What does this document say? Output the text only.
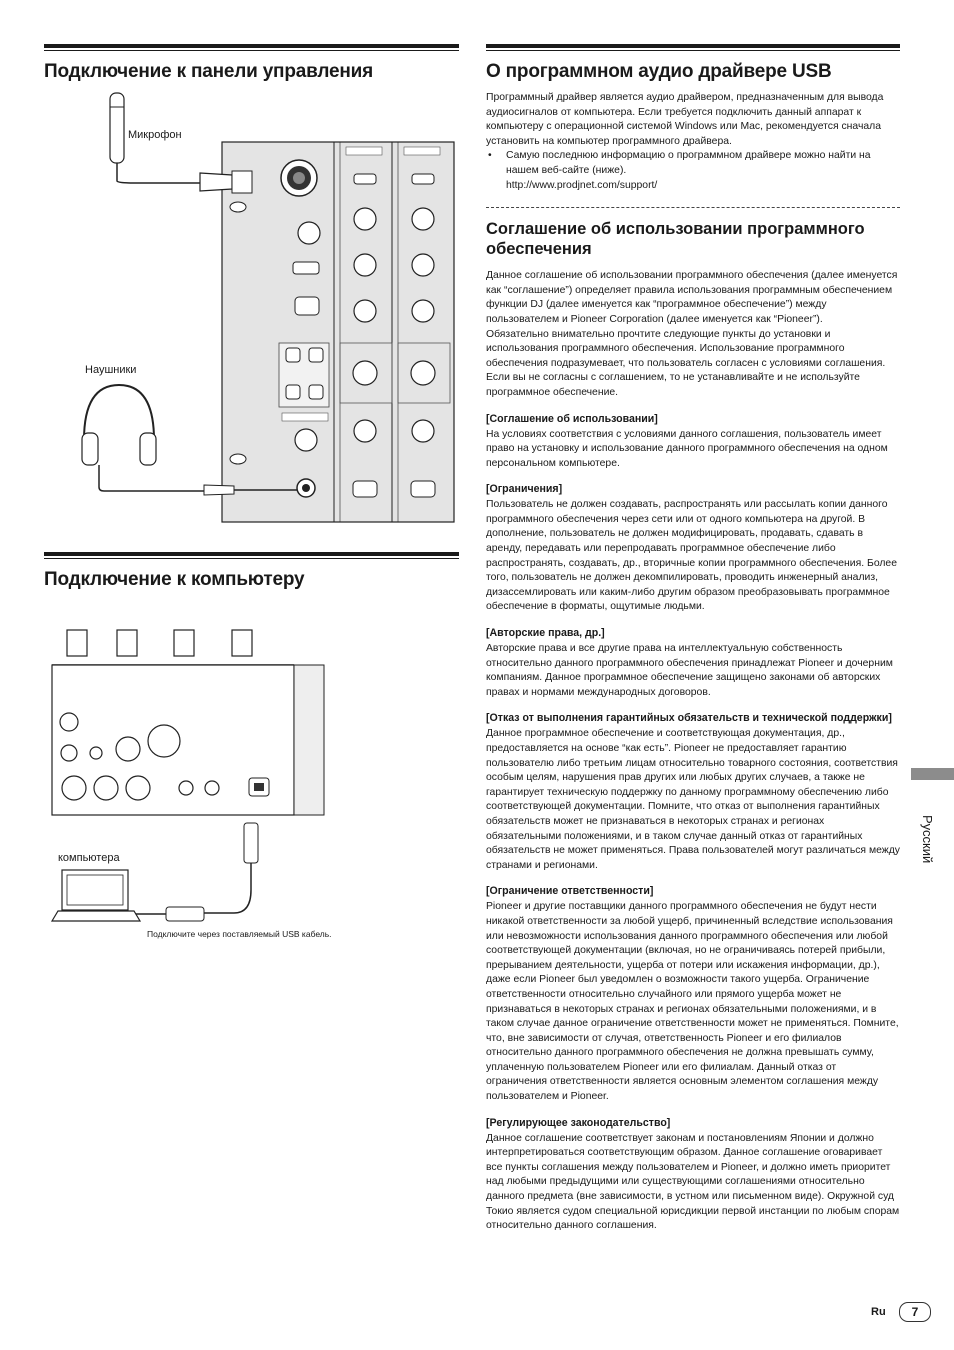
Подключение к панели управления
Микрофон
Наушники
Подключение к компьютеру
компьютера
Подключите через поставляемый USB кабель.
О программном аудио драйвере USB

Программный драйвер является аудио драйвером, предназначенным для вывода аудиосигналов от компьютера. Если требуется подключить данный аппарат к компьютеру с операционной системой Windows или Mac, рекомендуется сначала установить на компьютер программного драйвера.

•	Самую последнюю информацию о программном драйвере можно найти на нашем веб-сайте (ниже).
http://www.prodjnet.com/support/
Соглашение об использовании программного обеспечения

Данное соглашение об использовании программного обеспечения (далее именуется как “соглашение”) определяет правила использования программным обеспечением функции DJ (далее именуется как “программное обеспечение”) между пользователем и Pioneer Corporation (далее именуется как “Pioneer”).

Обязательно внимательно прочтите следующие пункты до установки и использования программного обеспечения. Использование программного обеспечения подразумевает, что пользователь согласен с условиями соглашения. Если вы не согласны с соглашением, то не устанавливайте и не используйте программное обеспечение.

[Соглашение об использовании]

На условиях соответствия с условиями данного соглашения, пользователь имеет право на установку и использование данного программного обеспечения на одном персональном компьютере.

[Ограничения]

Пользователь не должен создавать, распространять или рассылать копии данного программного обеспечения через сети или от одного компьютера на другой. В дополнение, пользователь не должен модифицировать, продавать, сдавать в аренду, передавать или перепродавать программное обеспечение либо распространять, создавать, др., вторичные копии программного обеспечения. Более того, пользователь не должен декомпилировать, проводить инженерный анализ, дизассемлировать или каким-либо другим образом преобразовывать программное обеспечение в форматы, ощутимые людьми.

[Авторские права, др.]

Авторские права и все другие права на интеллектуальную собственность относительно данного программного обеспечения принадлежат Pioneer и дочерним компаниям. Данное программное обеспечение защищено законами об авторских правах и нормами международных договоров.

[Отказ от выполнения гарантийных обязательств и технической поддержки]

Данное программное обеспечение и соответствующая документация, др., предоставляется на основе “как есть”. Pioneer не предоставляет гарантию пользователю либо третьим лицам относительно товарного состояния, соответствия особым целям, нарушения прав других или любых других случаев, а также не гарантирует техническую поддержку по данному программному обеспечению либо соответствующей документации. Помните, что отказ от выполнения гарантийных обязательств может не признаваться в некоторых странах и регионах обязательными положениями, и в таком случае данный отказ от гарантийных обязательств не может применяться. Права пользователей могут различаться между странами и регионами.

[Ограничение ответственности]

Pioneer и другие поставщики данного программного обеспечения не будут нести никакой ответственности за любой ущерб, причиненный вследствие использования или невозможности использования данного программного обеспечения или любой соответствующей документации (включая, но не ограничиваясь потерей прибыли, прерыванием деятельности, ущерба от потери или искажения информации, др.), даже если Pioneer был уведомлен о возможности такого ущерба. Ограничение ответственности относительно случайного или прямого ущерба может не признаваться в некоторых странах и регионах обязательными положениями, и в таком случае данное ограничение ответственности может не применяться. Помните, что, вне зависимости от случая, ответственность Pioneer и его филиалов относительно данного программного обеспечения не должна превышать сумму, уплаченную пользователем Pioneer или его филиалам. Данный отказ от ограничения ответственности является основным элементом соглашения между пользователем и Pioneer.

[Регулирующее законодательство]

Данное соглашение соответствует законам и постановлениям Японии и должно интерпретироваться соответствующим образом. Данное соглашение оговаривает все пункты соглашения между пользователем и Pioneer, и должно иметь приоритет над любыми предыдущими или существующими соглашениями относительно данного предмета (вне зависимости, в устном или письменном виде). Окружной суд Токио является судом специальной юрисдикции первой инстанции по любым спорам относительно данного соглашения.

Русский
Ru	7
